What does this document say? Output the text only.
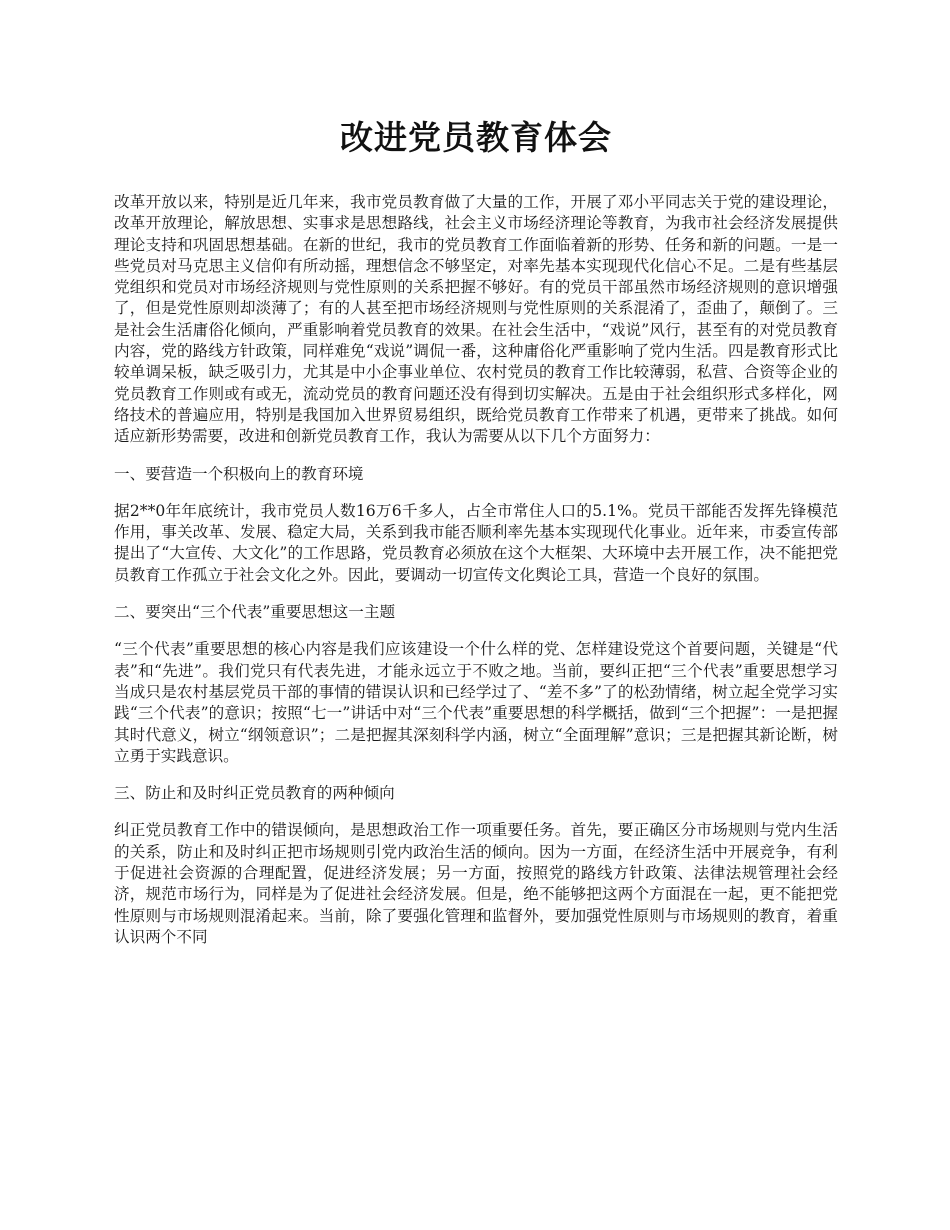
改进党员教育体会

改革开放以来，特别是近几年来，我市党员教育做了大量的工作，开展了邓小平同志关于党的建设理论，改革开放理论，解放思想、实事求是思想路线，社会主义市场经济理论等教育，为我市社会经济发展提供理论支持和巩固思想基础。在新的世纪，我市的党员教育工作面临着新的形势、任务和新的问题。一是一些党员对马克思主义信仰有所动摇，理想信念不够坚定，对率先基本实现现代化信心不足。二是有些基层党组织和党员对市场经济规则与党性原则的关系把握不够好。有的党员干部虽然市场经济规则的意识增强了，但是党性原则却淡薄了；有的人甚至把市场经济规则与党性原则的关系混淆了，歪曲了，颠倒了。三是社会生活庸俗化倾向，严重影响着党员教育的效果。在社会生活中，“戏说”风行，甚至有的对党员教育内容，党的路线方针政策，同样难免“戏说”调侃一番，这种庸俗化严重影响了党内生活。四是教育形式比较单调呆板，缺乏吸引力，尤其是中小企事业单位、农村党员的教育工作比较薄弱，私营、合资等企业的党员教育工作则或有或无，流动党员的教育问题还没有得到切实解决。五是由于社会组织形式多样化，网络技术的普遍应用，特别是我国加入世界贸易组织，既给党员教育工作带来了机遇，更带来了挑战。如何适应新形势需要，改进和创新党员教育工作，我认为需要从以下几个方面努力：

一、要营造一个积极向上的教育环境

据2**0年年底统计，我市党员人数16万6千多人，占全市常住人口的5.1%。党员干部能否发挥先锋模范作用，事关改革、发展、稳定大局，关系到我市能否顺利率先基本实现现代化事业。近年来，市委宣传部提出了“大宣传、大文化”的工作思路，党员教育必须放在这个大框架、大环境中去开展工作，决不能把党员教育工作孤立于社会文化之外。因此，要调动一切宣传文化舆论工具，营造一个良好的氛围。

二、要突出“三个代表”重要思想这一主题

“三个代表”重要思想的核心内容是我们应该建设一个什么样的党、怎样建设党这个首要问题，关键是“代表”和“先进”。我们党只有代表先进，才能永远立于不败之地。当前，要纠正把“三个代表”重要思想学习当成只是农村基层党员干部的事情的错误认识和已经学过了、“差不多”了的松劲情绪，树立起全党学习实践“三个代表”的意识；按照“七一”讲话中对“三个代表”重要思想的科学概括，做到“三个把握”：一是把握其时代意义，树立“纲领意识”；二是把握其深刻科学内涵，树立“全面理解”意识；三是把握其新论断，树立勇于实践意识。

三、防止和及时纠正党员教育的两种倾向

纠正党员教育工作中的错误倾向，是思想政治工作一项重要任务。首先，要正确区分市场规则与党内生活的关系，防止和及时纠正把市场规则引党内政治生活的倾向。因为一方面，在经济生活中开展竞争，有利于促进社会资源的合理配置，促进经济发展；另一方面，按照党的路线方针政策、法律法规管理社会经济，规范市场行为，同样是为了促进社会经济发展。但是，绝不能够把这两个方面混在一起，更不能把党性原则与市场规则混淆起来。当前，除了要强化管理和监督外，要加强党性原则与市场规则的教育，着重认识两个不同
